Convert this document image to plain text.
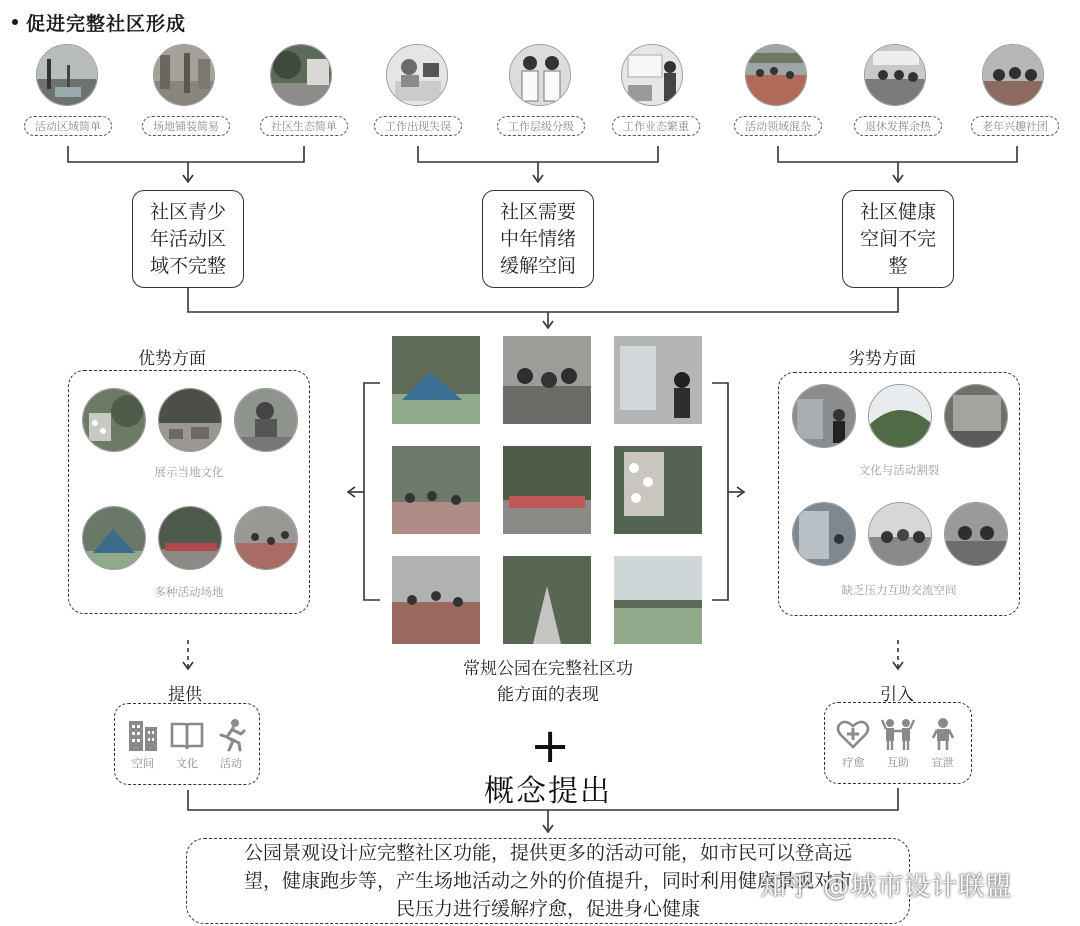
促进完整社区形成
活动区域简单	场地铺装简易	社区生态简单	工作出现失误	工作层级分级	工作业态繁重	活动领域混杂	退休发挥余热	老年兴趣社团
社区青少
年活动区
域不完整
社区需要
中年情绪
缓解空间
社区健康
空间不完
整
优势方面
展示当地文化
多种活动场地
劣势方面
文化与活动割裂
缺乏压力互助交流空间
常规公园在完整社区功
能方面的表现
提供
空间 文化 活动
引入
疗愈 互助 宣泄
+
概念提出
公园景观设计应完整社区功能，提供更多的活动可能，如市民可以登高远
望，健康跑步等，产生场地活动之外的价值提升，同时利用健康景观对市
民压力进行缓解疗愈，促进身心健康
知乎 @城市设计联盟
